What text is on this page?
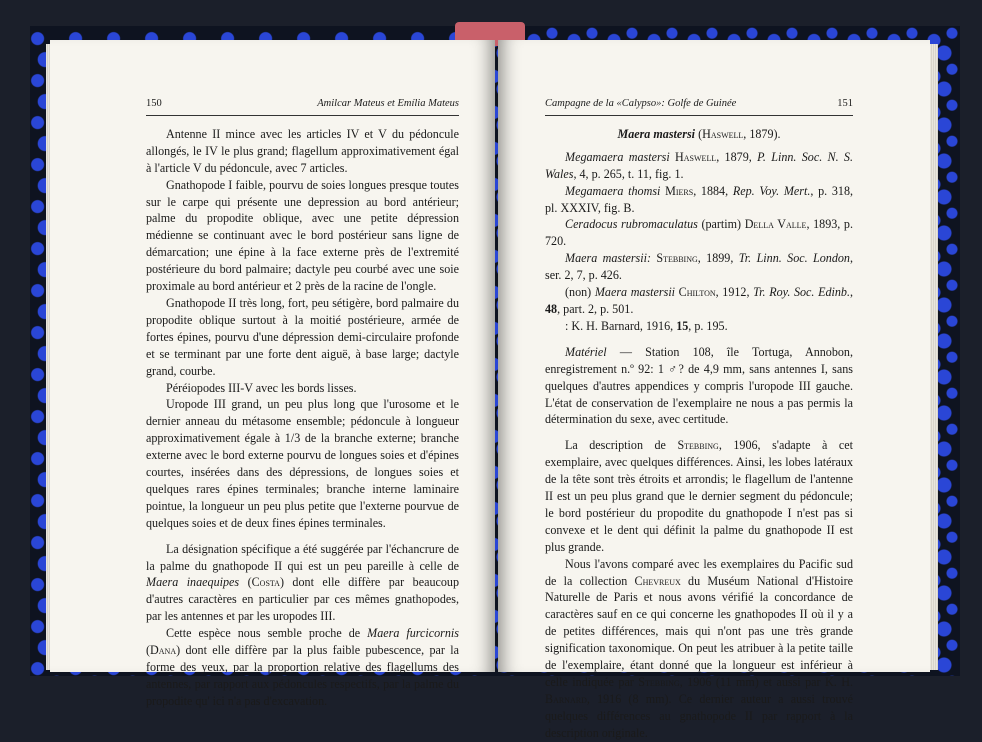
150	Amilcar Mateus et Emília Mateus

Antenne II mince avec les articles IV et V du pédoncule allongés, le IV le plus grand; flagellum approximativement égal à l'article V du pédoncule, avec 7 articles.

Gnathopode I faible, pourvu de soies longues presque toutes sur le carpe qui présente une depression au bord antérieur; palme du propodite oblique, avec une petite dépression médienne se continuant avec le bord postérieur sans ligne de démarcation; une épine à la face externe près de l'extremité postérieure du bord palmaire; dactyle peu courbé avec une soie proximale au bord antérieur et 2 près de la racine de l'ongle.

Gnathopode II très long, fort, peu sétigère, bord palmaire du propodite oblique surtout à la moitié postérieure, armée de fortes épines, pourvu d'une dépression demi-circulaire profonde et se terminant par une forte dent aiguë, à base large; dactyle grand, courbe.

Péréiopodes III-V avec les bords lisses.

Uropode III grand, un peu plus long que l'urosome et le dernier anneau du métasome ensemble; pédoncule à longueur approximativement égale à 1/3 de la branche externe; branche externe avec le bord externe pourvu de longues soies et d'épines courtes, insérées dans des dépressions, de longues soies et quelques rares épines terminales; branche interne laminaire pointue, la longueur un peu plus petite que l'externe pourvue de quelques soies et de deux fines épines terminales.

La désignation spécifique a été suggérée par l'échancrure de la palme du gnathopode II qui est un peu pareille à celle de Maera inaequipes (Costa) dont elle diffère par beaucoup d'autres caractères en particulier par ces mêmes gnathopodes, par les antennes et par les uropodes III.

Cette espèce nous semble proche de Maera furcicornis (Dana) dont elle diffère par la plus faible pubescence, par la forme des yeux, par la proportion relative des flagellums des antennes, par rapport aux pédoncules respectifs, par la palme du propodite qu' ici n'a pas d'excavation.

Campagne de la «Calypso»: Golfe de Guinée	151

Maera mastersi (Haswell, 1879).

Megamaera mastersi Haswell, 1879, P. Linn. Soc. N. S. Wales, 4, p. 265, t. 11, fig. 1.

Megamaera thomsi Miers, 1884, Rep. Voy. Mert., p. 318, pl. XXXIV, fig. B.

Ceradocus rubromaculatus (partim) Della Valle, 1893, p. 720.

Maera mastersii: Stebbing, 1899, Tr. Linn. Soc. London, ser. 2, 7, p. 426.

(non) Maera mastersii Chilton, 1912, Tr. Roy. Soc. Edinb., 48, part. 2, p. 501.

: K. H. Barnard, 1916, 15, p. 195.

Matériel — Station 108, île Tortuga, Annobon, enregistrement n.º 92: 1 ♂? de 4,9 mm, sans antennes I, sans quelques d'autres appendices y compris l'uropode III gauche. L'état de conservation de l'exemplaire ne nous a pas permis la détermination du sexe, avec certitude.

La description de Stebbing, 1906, s'adapte à cet exemplaire, avec quelques différences. Ainsi, les lobes latéraux de la tête sont très étroits et arrondis; le flagellum de l'antenne II est un peu plus grand que le dernier segment du pédoncule; le bord postérieur du propodite du gnathopode I n'est pas si convexe et le dent qui définit la palme du gnathopode II est plus grande.

Nous l'avons comparé avec les exemplaires du Pacific sud de la collection Chevreux du Muséum National d'Histoire Naturelle de Paris et nous avons vérifié la concordance de caractères sauf en ce qui concerne les gnathopodes II où il y a de petites différences, mais qui n'ont pas une très grande signification taxonomique. On peut les atribuer à la petite taille de l'exemplaire, étant donné que la longueur est inférieur à celle indiquée par Stebbing, 1906 (11 mm) et aussi par K. H. Barnard, 1916 (8 mm). Ce dernier auteur a aussi trouvé quelques différences au gnathopode II par rapport à la description originale.
